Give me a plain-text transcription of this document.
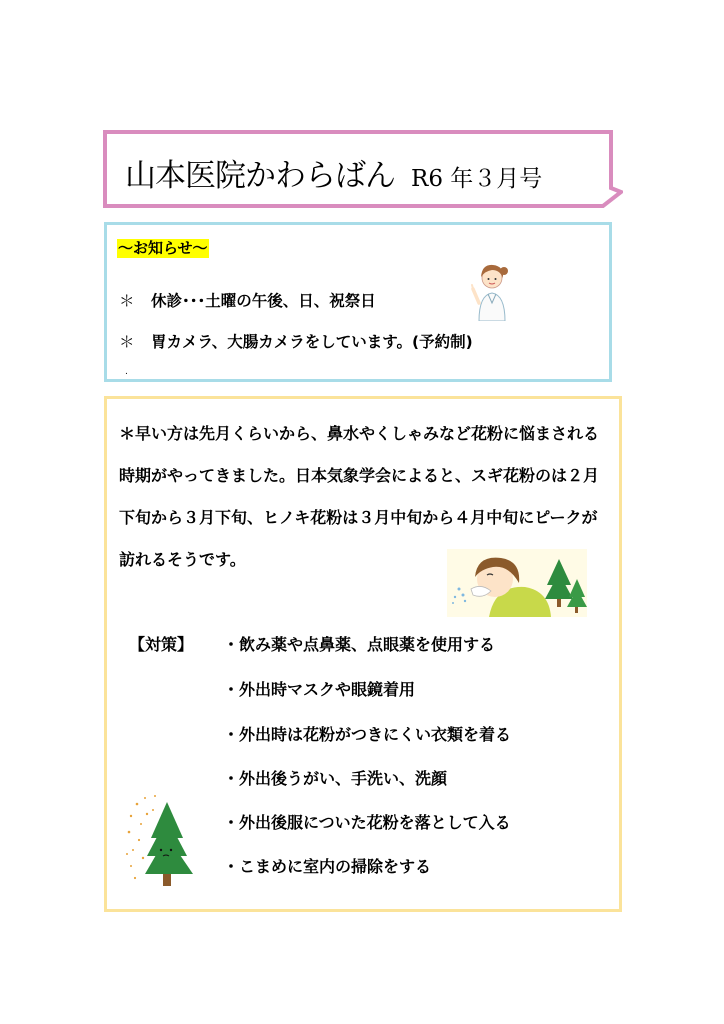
山本医院かわらばん R6 年３月号
～お知らせ～
＊ 休診･･･土曜の午後、日、祝祭日
＊ 胃カメラ、大腸カメラをしています。(予約制)
.

＊早い方は先月くらいから、鼻水やくしゃみなど花粉に悩まされる時期がやってきました。日本気象学会によると、スギ花粉のは２月下旬から３月下旬、ヒノキ花粉は３月中旬から４月中旬にピークが訪れるそうです。

【対策】 ・飲み薬や点鼻薬、点眼薬を使用する
・外出時マスクや眼鏡着用
・外出時は花粉がつきにくい衣類を着る
・外出後うがい、手洗い、洗顔
・外出後服についた花粉を落として入る
・こまめに室内の掃除をする
